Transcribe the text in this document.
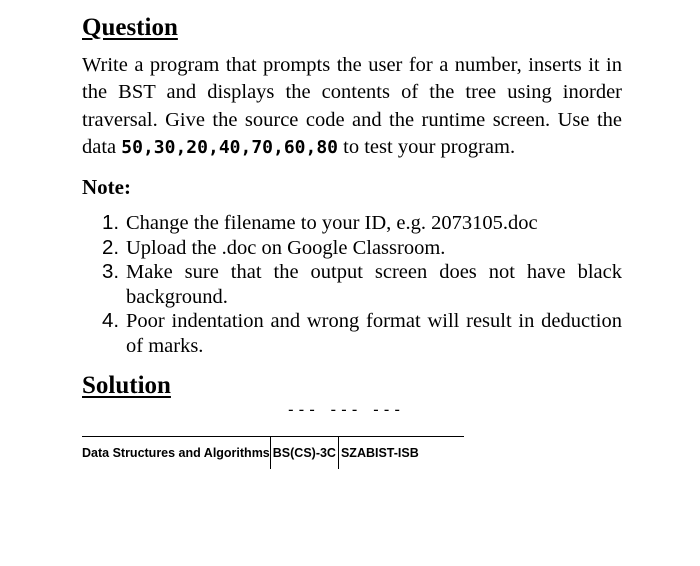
Question

Write a program that prompts the user for a number, inserts it in the BST and displays the contents of the tree using inorder traversal. Give the source code and the runtime screen. Use the data 50,30,20,40,70,60,80 to test your program.

Note:

1. Change the filename to your ID, e.g. 2073105.doc
2. Upload the .doc on Google Classroom.
3. Make sure that the output screen does not have black background.
4. Poor indentation and wrong format will result in deduction of marks.
Solution
--- --- ---
Data Structures and Algorithms BS(CS)-3C SZABIST-ISB
